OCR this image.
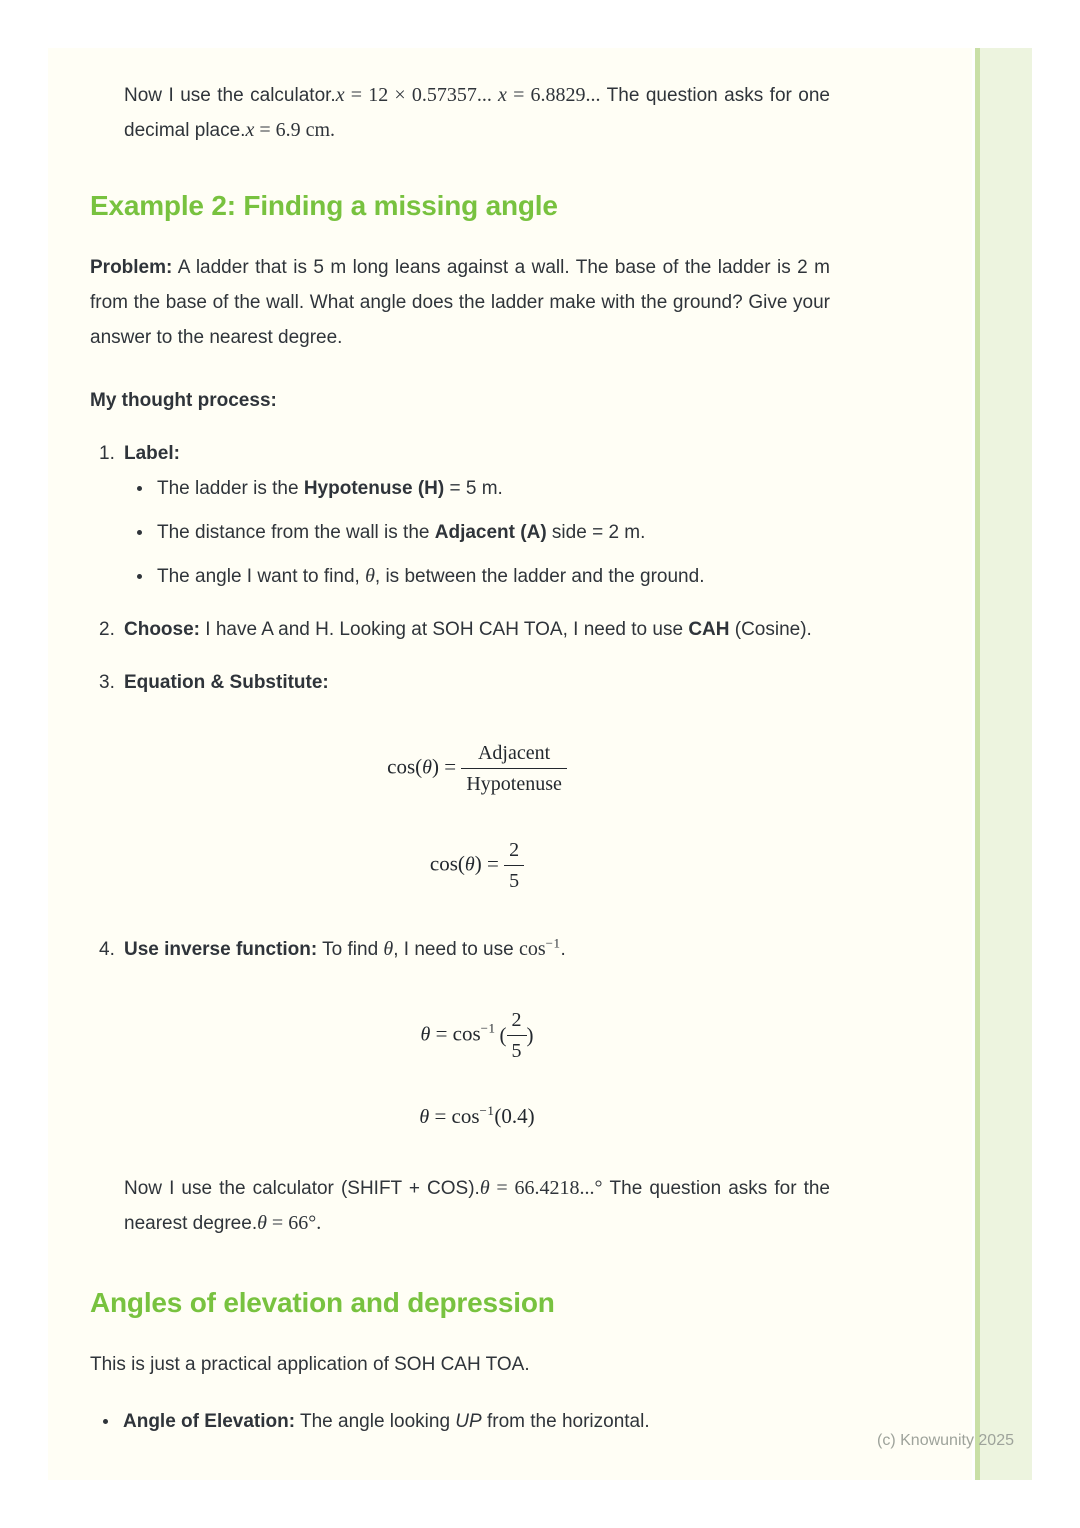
Now I use the calculator.x = 12 × 0.57357... x = 6.8829... The question asks for one decimal place.x = 6.9 cm.

Example 2: Finding a missing angle

Problem: A ladder that is 5 m long leans against a wall. The base of the ladder is 2 m from the base of the wall. What angle does the ladder make with the ground? Give your answer to the nearest degree.

My thought process:

1. Label:
The ladder is the Hypotenuse (H) = 5 m.
The distance from the wall is the Adjacent (A) side = 2 m.
The angle I want to find, θ, is between the ladder and the ground.
2. Choose: I have A and H. Looking at SOH CAH TOA, I need to use CAH (Cosine).
3. Equation & Substitute:
$\cos(\theta) = \frac{\text{Adjacent}}{\text{Hypotenuse}}$
$\cos(\theta) = \frac{2}{5}$
4. Use inverse function: To find θ, I need to use $\cos^{-1}$.
$\theta = \cos^{-1}$ ( $\frac{2}{5}$ )
$\theta = \cos^{-1}(0.4)$

Now I use the calculator (SHIFT + COS).θ = 66.4218...° The question asks for the nearest degree.θ = 66°.

Angles of elevation and depression

This is just a practical application of SOH CAH TOA.

Angle of Elevation: The angle looking UP from the horizontal.
(c) Knowunity 2025
